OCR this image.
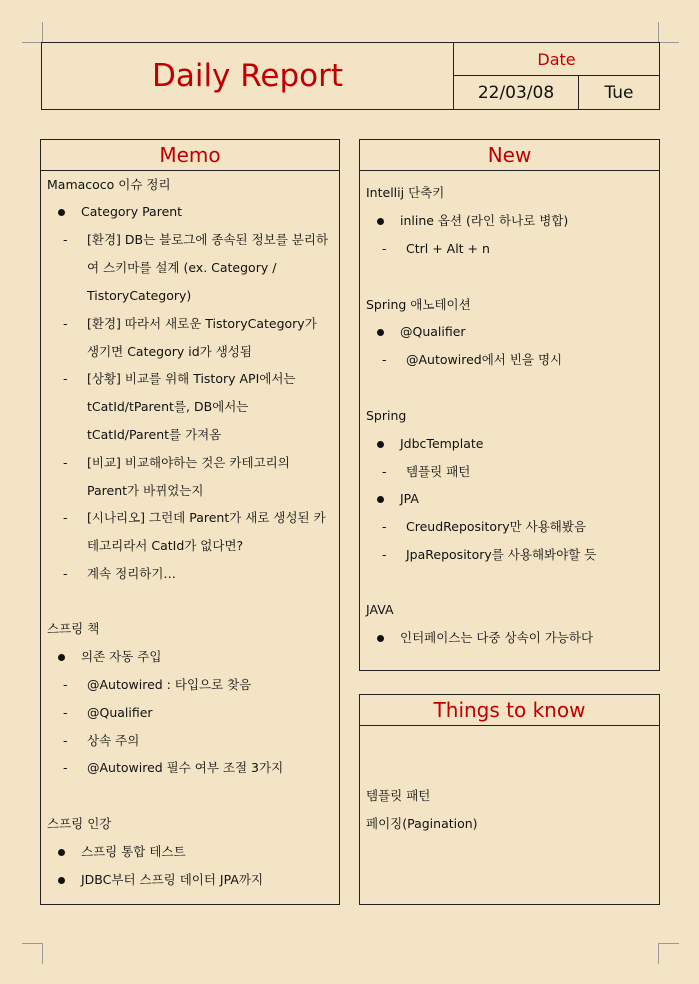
Daily Report	Date
22/03/08	Tue
Memo
Mamacoco 이슈 정리
Category Parent
- [환경] DB는 블로그에 종속된 정보를 분리하
여 스키마를 설계 (ex. Category /
TistoryCategory)
- [환경] 따라서 새로운 TistoryCategory가
생기면 Category id가 생성됨
- [상황] 비교를 위해 Tistory API에서는
tCatId/tParent를, DB에서는
tCatId/Parent를 가져옴
- [비교] 비교해야하는 것은 카테고리의
Parent가 바뀌었는지
- [시나리오] 그런데 Parent가 새로 생성된 카
테고리라서 CatId가 없다면?
- 계속 정리하기…
스프링 책
의존 자동 주입
- @Autowired : 타입으로 찾음
- @Qualifier
- 상속 주의
- @Autowired 필수 여부 조절 3가지
스프링 인강
스프링 통합 테스트
JDBC부터 스프링 데이터 JPA까지
New
Intellij 단축키
inline 옵션 (라인 하나로 병합)
- Ctrl + Alt + n
Spring 애노테이션
@Qualifier
- @Autowired에서 빈을 명시
Spring
JdbcTemplate
- 템플릿 패턴
JPA
- CreudRepository만 사용해봤음
- JpaRepository를 사용해봐야할 듯
JAVA
인터페이스는 다중 상속이 가능하다
Things to know
템플릿 패턴
페이징(Pagination)
